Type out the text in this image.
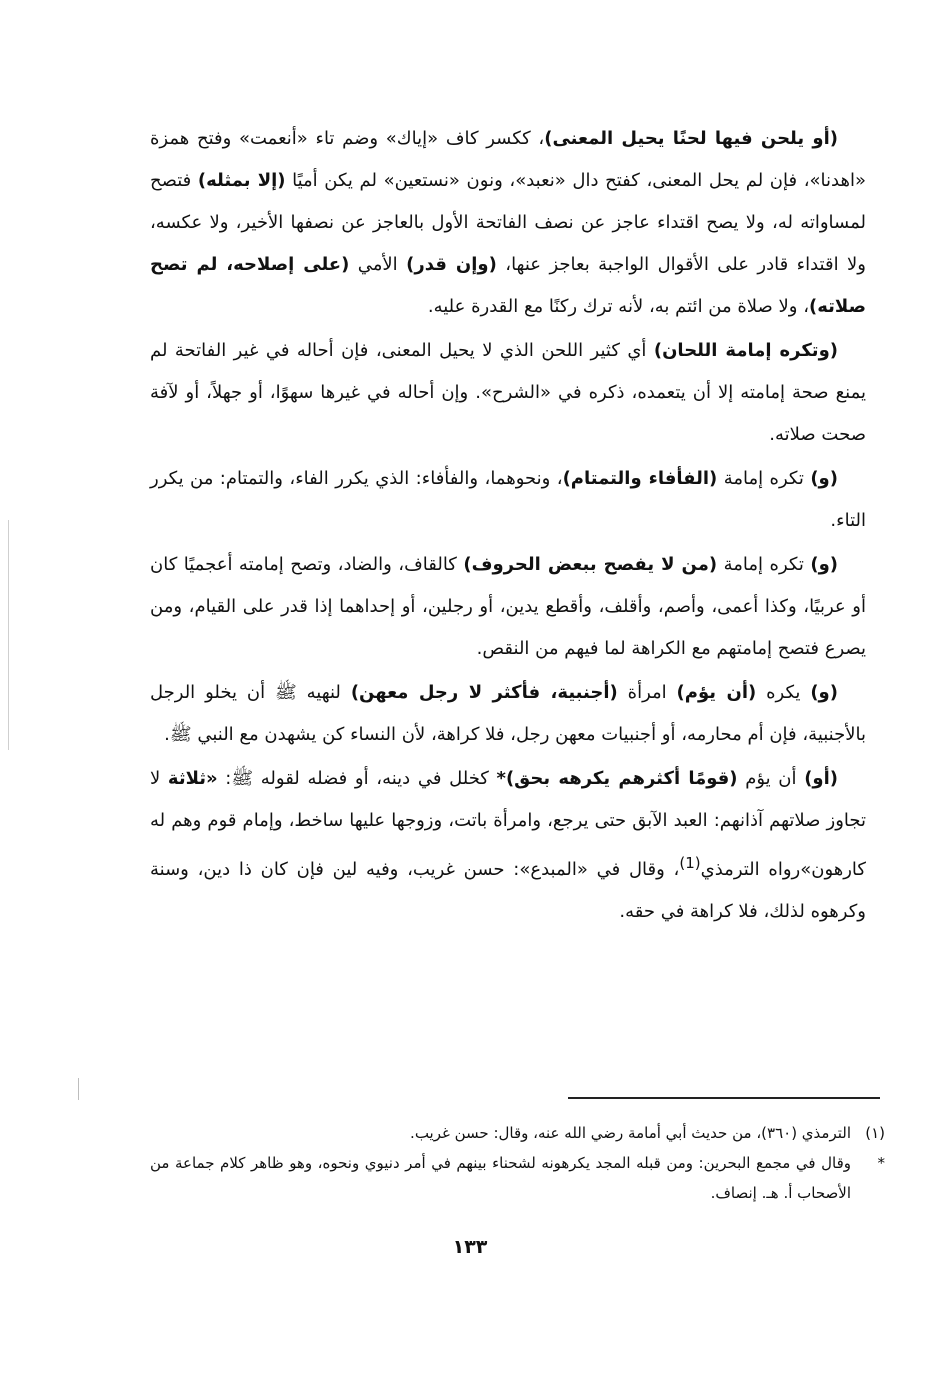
(أو يلحن فيها لحنًا يحيل المعنى)، ككسر كاف «إياك» وضم تاء «أنعمت» وفتح همزة «اهدنا»، فإن لم يحل المعنى، كفتح دال «نعبد»، ونون «نستعين» لم يكن أميًا (إلا بمثله) فتصح لمساواته له، ولا يصح اقتداء عاجز عن نصف الفاتحة الأول بالعاجز عن نصفها الأخير، ولا عكسه، ولا اقتداء قادر على الأقوال الواجبة بعاجز عنها، (وإن قدر) الأمي (على إصلاحه، لم تصح صلاته)، ولا صلاة من ائتم به، لأنه ترك ركنًا مع القدرة عليه.

(وتكره إمامة اللحان) أي كثير اللحن الذي لا يحيل المعنى، فإن أحاله في غير الفاتحة لم يمنع صحة إمامته إلا أن يتعمده، ذكره في «الشرح». وإن أحاله في غيرها سهوًا، أو جهلاً، أو لآفة صحت صلاته.

(و) تكره إمامة (الفأفاء والتمتام)، ونحوهما، والفأفاء: الذي يكرر الفاء، والتمتام: من يكرر التاء.

(و) تكره إمامة (من لا يفصح ببعض الحروف) كالقاف، والضاد، وتصح إمامته أعجميًا كان أو عربيًا، وكذا أعمى، وأصم، وأقلف، وأقطع يدين، أو رجلين، أو إحداهما إذا قدر على القيام، ومن يصرع فتصح إمامتهم مع الكراهة لما فيهم من النقص.

(و) يكره (أن يؤم) امرأة (أجنبية، فأكثر لا رجل معهن) لنهيه ﷺ أن يخلو الرجل بالأجنبية، فإن أم محارمه، أو أجنبيات معهن رجل، فلا كراهة، لأن النساء كن يشهدن مع النبي ﷺ.

(أو) أن يؤم (قومًا أكثرهم يكرهه بحق)* كخلل في دينه، أو فضله لقوله ﷺ: «ثلاثة لا تجاوز صلاتهم آذانهم: العبد الآبق حتى يرجع، وامرأة باتت، وزوجها عليها ساخط، وإمام قوم وهم له كارهون»رواه الترمذي$^{(1)}$، وقال في «المبدع»: حسن غريب، وفيه لين فإن كان ذا دين، وسنة وكرهوه لذلك، فلا كراهة في حقه.

(١)
الترمذي (٣٦٠)، من حديث أبي أمامة رضي الله عنه، وقال: حسن غريب.
*
وقال في مجمع البحرين: ومن قبله المجد يكرهونه لشحناء بينهم في أمر دنيوي ونحوه، وهو ظاهر كلام جماعة من الأصحاب أ. هـ. إنصاف.
١٣٣
